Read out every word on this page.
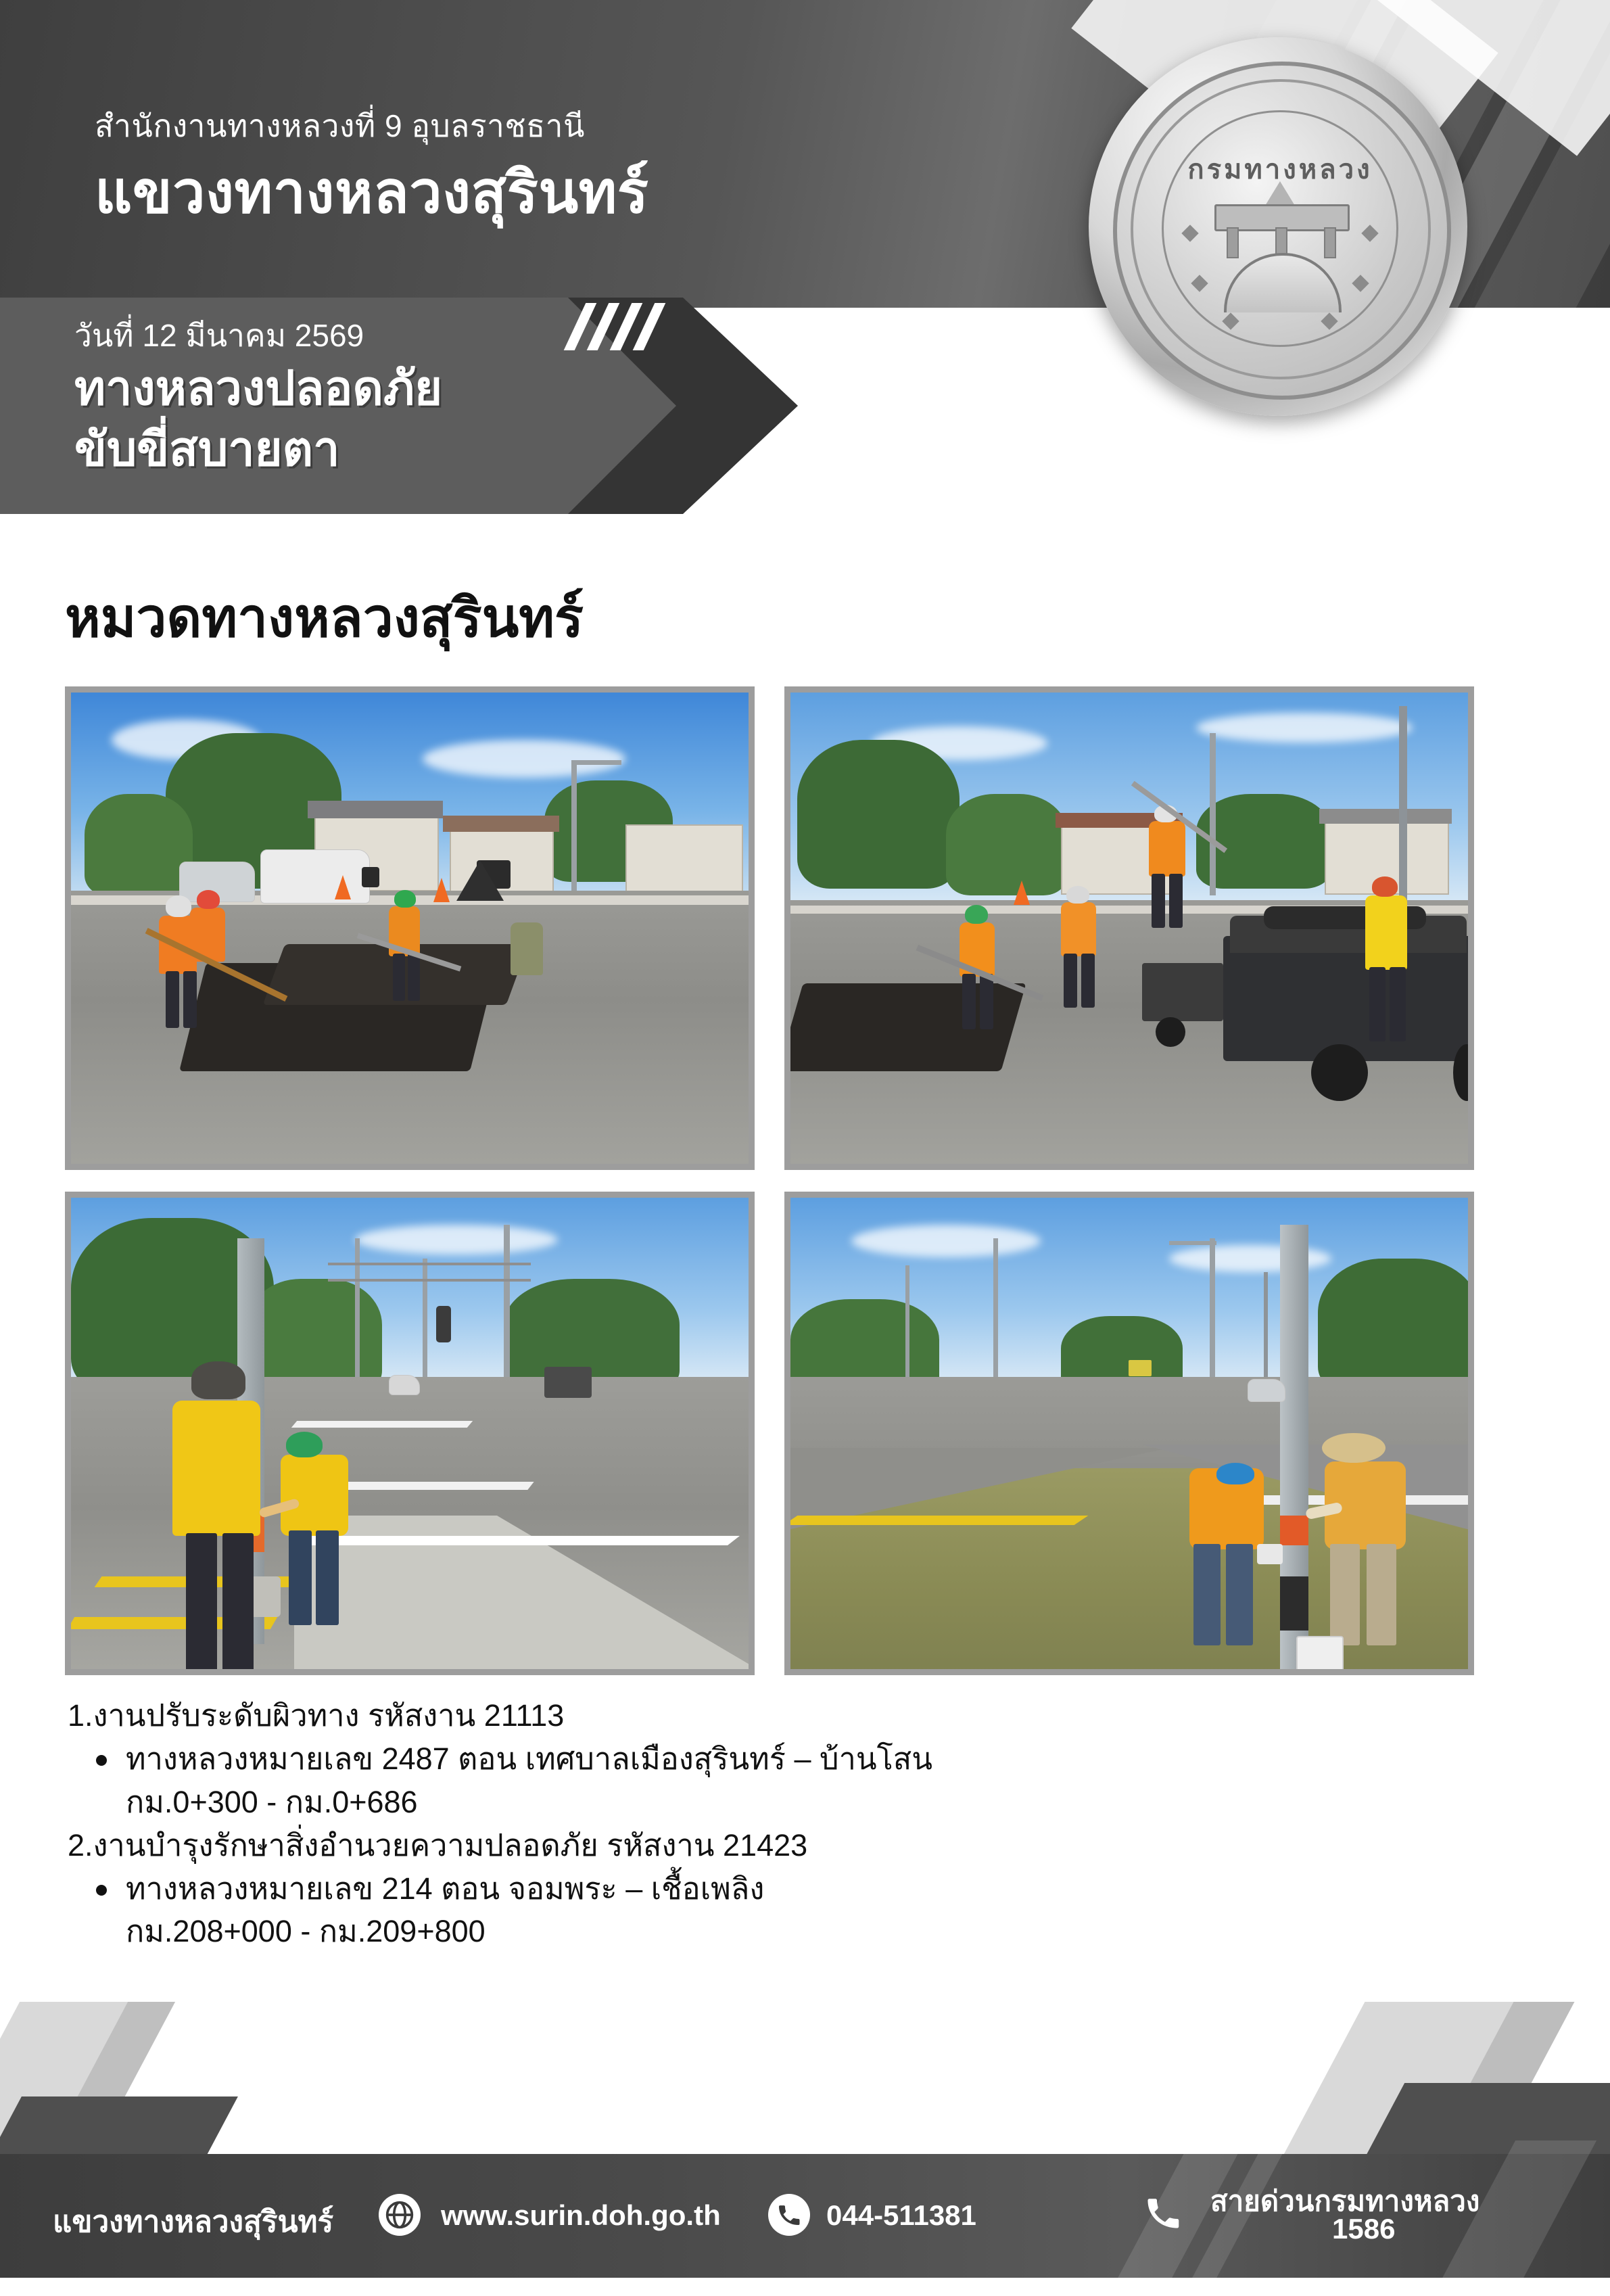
สำนักงานทางหลวงที่ 9 อุบลราชธานี
แขวงทางหลวงสุรินทร์	กรมทางหลวง
วันที่ 12 มีนาคม 2569
ทางหลวงปลอดภัย
ขับขี่สบายตา
หมวดทางหลวงสุรินทร์
1.งานปรับระดับผิวทาง รหัสงาน 21113
ทางหลวงหมายเลข 2487 ตอน เทศบาลเมืองสุรินทร์ – บ้านโสน
กม.0+300 - กม.0+686
2.งานบำรุงรักษาสิ่งอำนวยความปลอดภัย รหัสงาน 21423
ทางหลวงหมายเลข 214 ตอน จอมพระ – เชื้อเพลิง
กม.208+000 - กม.209+800
แขวงทางหลวงสุรินทร์	www.surin.doh.go.th	044-511381	สายด่วนกรมทางหลวง
1586
